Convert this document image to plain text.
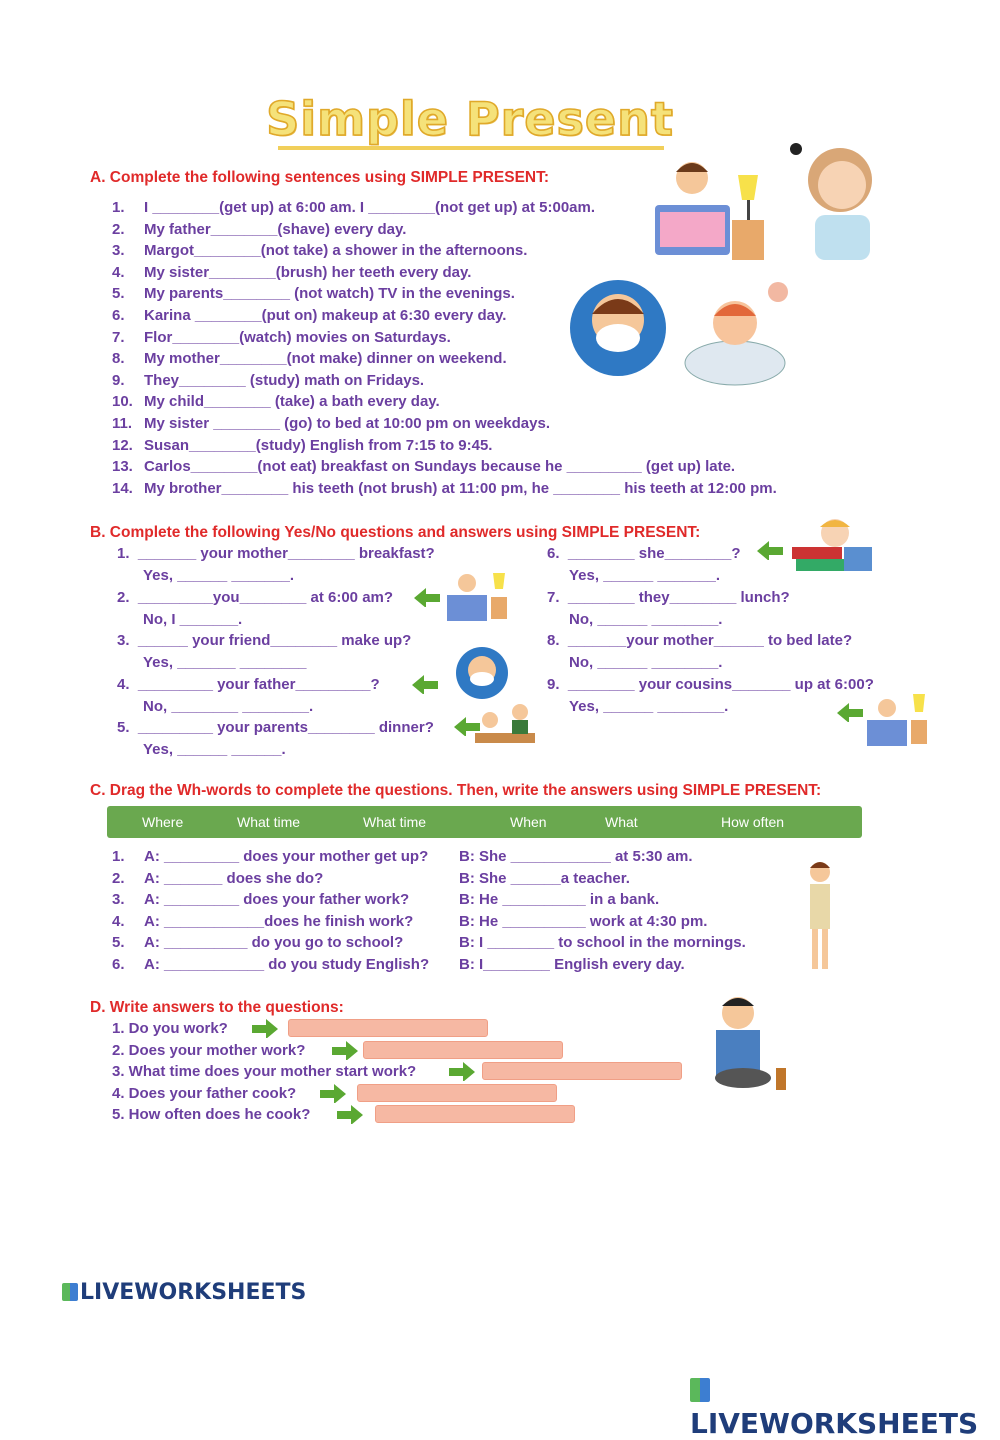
Simple Present
A. Complete the following sentences using SIMPLE PRESENT:
B. Complete the following Yes/No questions and answers using SIMPLE PRESENT:
C. Drag the Wh-words to complete the questions. Then, write the answers using SIMPLE PRESENT:
Where	What time	What time	When	What	How often
D. Write answers to the questions:
LIVEWORKSHEETS
LIVEWORKSHEETS
1. I ________(get up) at 6:00 am. I ________(not get up) at 5:00am.
2. My father________(shave) every day.
3. Margot________(not take) a shower in the afternoons.
4. My sister________(brush) her teeth every day.
5. My parents________ (not watch) TV in the evenings.
6. Karina ________(put on) makeup at 6:30 every day.
7. Flor________(watch) movies on Saturdays.
8. My mother________(not make) dinner on weekend.
9. They________ (study) math on Fridays.
10. My child________ (take) a bath every day.
11. My sister ________ (go) to bed at 10:00 pm on weekdays.
12. Susan________(study) English from 7:15 to 9:45.
13. Carlos________(not eat) breakfast on Sundays because he _________ (get up) late.
14. My brother________ his teeth (not brush) at 11:00 pm, he ________ his teeth at 12:00 pm.
1.  _______ your mother________ breakfast?
Yes, ______ _______.
2.  _________you________ at 6:00 am?
No, I _______.
3.  ______ your friend________ make up?
Yes, _______ ________
4.  _________ your father_________?
No, ________ ________.
5.  _________ your parents________ dinner?
Yes, ______ ______.
6.  ________ she________?
Yes, ______ _______.
7.  ________ they________ lunch?
No, ______ ________.
8.  _______your mother______ to bed late?
No, ______ ________.
9.  ________ your cousins_______ up at 6:00?
Yes, ______ ________.
1. A: _________ does your mother get up? B: She ____________ at 5:30 am.
2. A: _______ does she do?	B: She ______a teacher.
3. A: _________ does your father work?	B: He __________ in a bank.
4. A: ____________does he finish work?	B: He __________ work at 4:30 pm.
5. A: __________ do you go to school?	B: I ________ to school in the mornings.
6. A: ____________ do you study English? B: I________ English every day.
1. Do you work?
2. Does your mother work?
3. What time does your mother start work?
4. Does your father cook?
5. How often does he cook?
